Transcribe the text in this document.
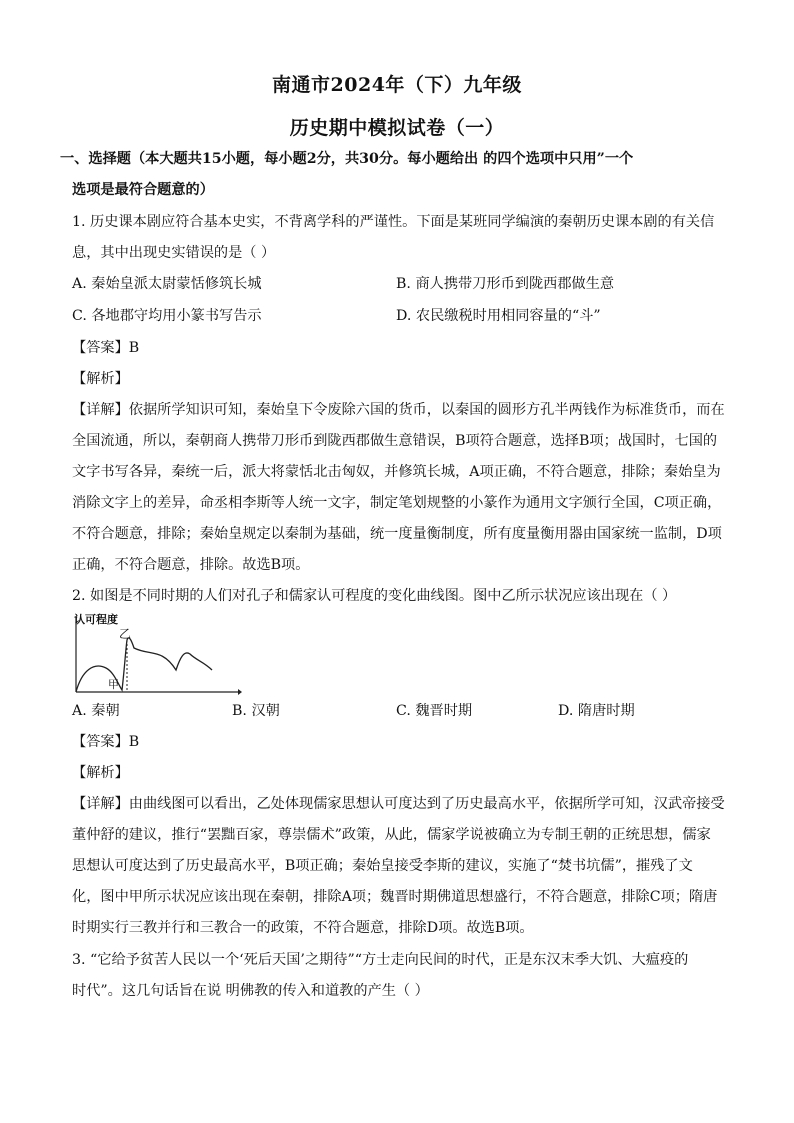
南通市2024年（下）九年级
历史期中模拟试卷（一）
一、选择题（本大题共15小题，每小题2分，共30分。每小题给出 的四个选项中只用”一个
选项是最符合题意的）
1. 历史课本剧应符合基本史实，不背离学科的严谨性。下面是某班同学编演的秦朝历史课本剧的有关信
息，其中出现史实错误的是（ ）
A. 秦始皇派太尉蒙恬修筑长城	B. 商人携带刀形币到陇西郡做生意
C. 各地郡守均用小篆书写告示	D. 农民缴税时用相同容量的“斗”
【答案】B
【解析】
【详解】依据所学知识可知，秦始皇下令废除六国的货币，以秦国的圆形方孔半两钱作为标准货币，而在
全国流通，所以，秦朝商人携带刀形币到陇西郡做生意错误，B项符合题意，选择B项；战国时，七国的
文字书写各异，秦统一后，派大将蒙恬北击匈奴，并修筑长城，A项正确，不符合题意，排除；秦始皇为
消除文字上的差异，命丞相李斯等人统一文字，制定笔划规整的小篆作为通用文字颁行全国，C项正确，
不符合题意，排除；秦始皇规定以秦制为基础，统一度量衡制度，所有度量衡用器由国家统一监制，D项
正确，不符合题意，排除。故选B项。
2. 如图是不同时期的人们对孔子和儒家认可程度的变化曲线图。图中乙所示状况应该出现在（ ）
认可程度
乙
甲
A. 秦朝	B. 汉朝	C. 魏晋时期	D. 隋唐时期
【答案】B
【解析】
【详解】由曲线图可以看出，乙处体现儒家思想认可度达到了历史最高水平，依据所学可知，汉武帝接受
董仲舒的建议，推行“罢黜百家，尊崇儒术”政策，从此，儒家学说被确立为专制王朝的正统思想，儒家
思想认可度达到了历史最高水平，B项正确；秦始皇接受李斯的建议，实施了“焚书坑儒”，摧残了文
化，图中甲所示状况应该出现在秦朝，排除A项；魏晋时期佛道思想盛行，不符合题意，排除C项；隋唐
时期实行三教并行和三教合一的政策，不符合题意，排除D项。故选B项。
3. “它给予贫苦人民以一个‘死后天国’之期待”“方士走向民间的时代，正是东汉末季大饥、大瘟疫的
时代”。这几句话旨在说 明佛教的传入和道教的产生（ ）
